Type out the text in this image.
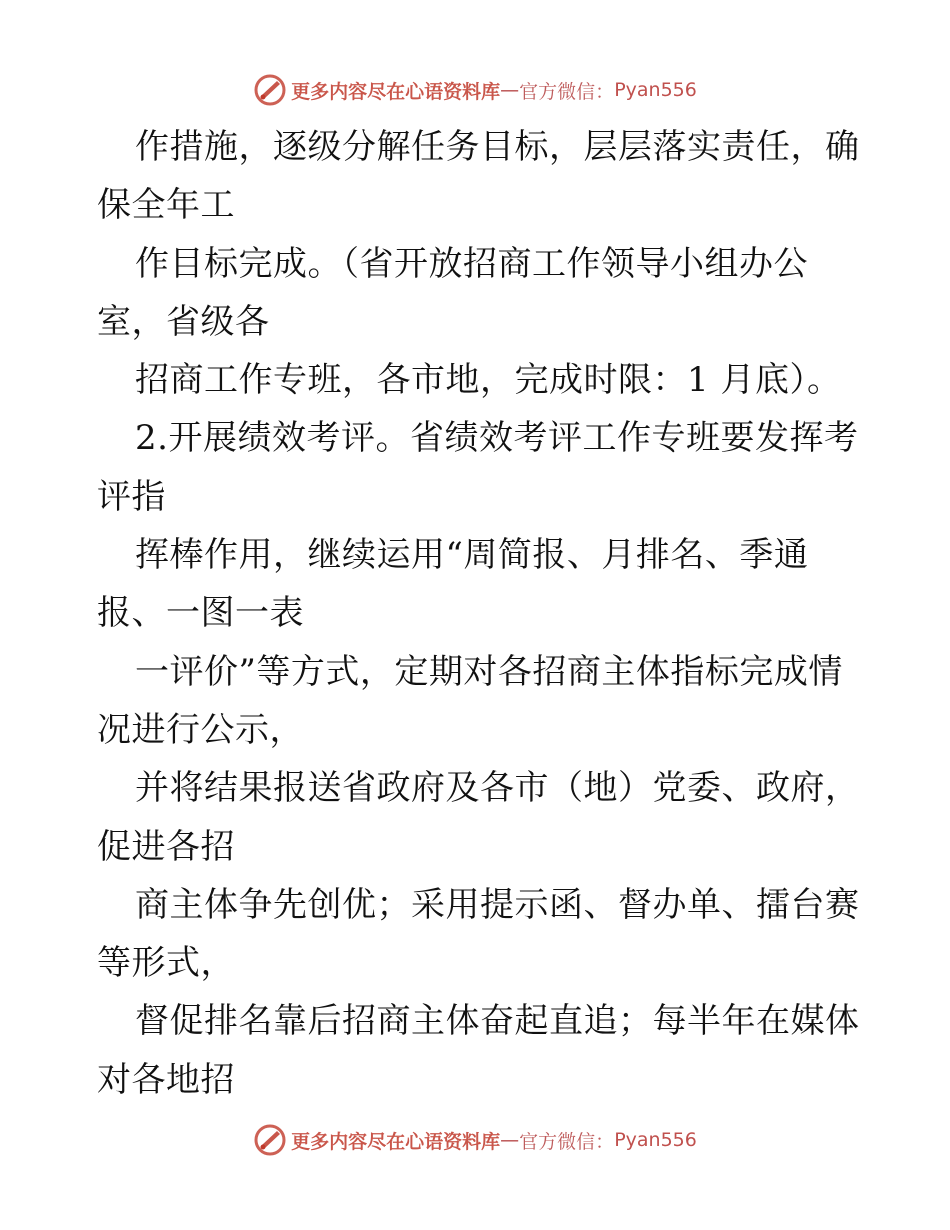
更多内容尽在心语资料库 — 官方微信： Pyan556
作措施，逐级分解任务目标，层层落实责任，确
保全年工
作目标完成。（省开放招商工作领导小组办公
室，省级各
招商工作专班，各市地，完成时限：1 月底）。
2.开展绩效考评。省绩效考评工作专班要发挥考
评指
挥棒作用，继续运用“周简报、月排名、季通
报、一图一表
一评价”等方式，定期对各招商主体指标完成情
况进行公示，
并将结果报送省政府及各市（地）党委、政府，
促进各招
商主体争先创优；采用提示函、督办单、擂台赛
等形式，
督促排名靠后招商主体奋起直追；每半年在媒体
对各地招
更多内容尽在心语资料库 — 官方微信： Pyan556
